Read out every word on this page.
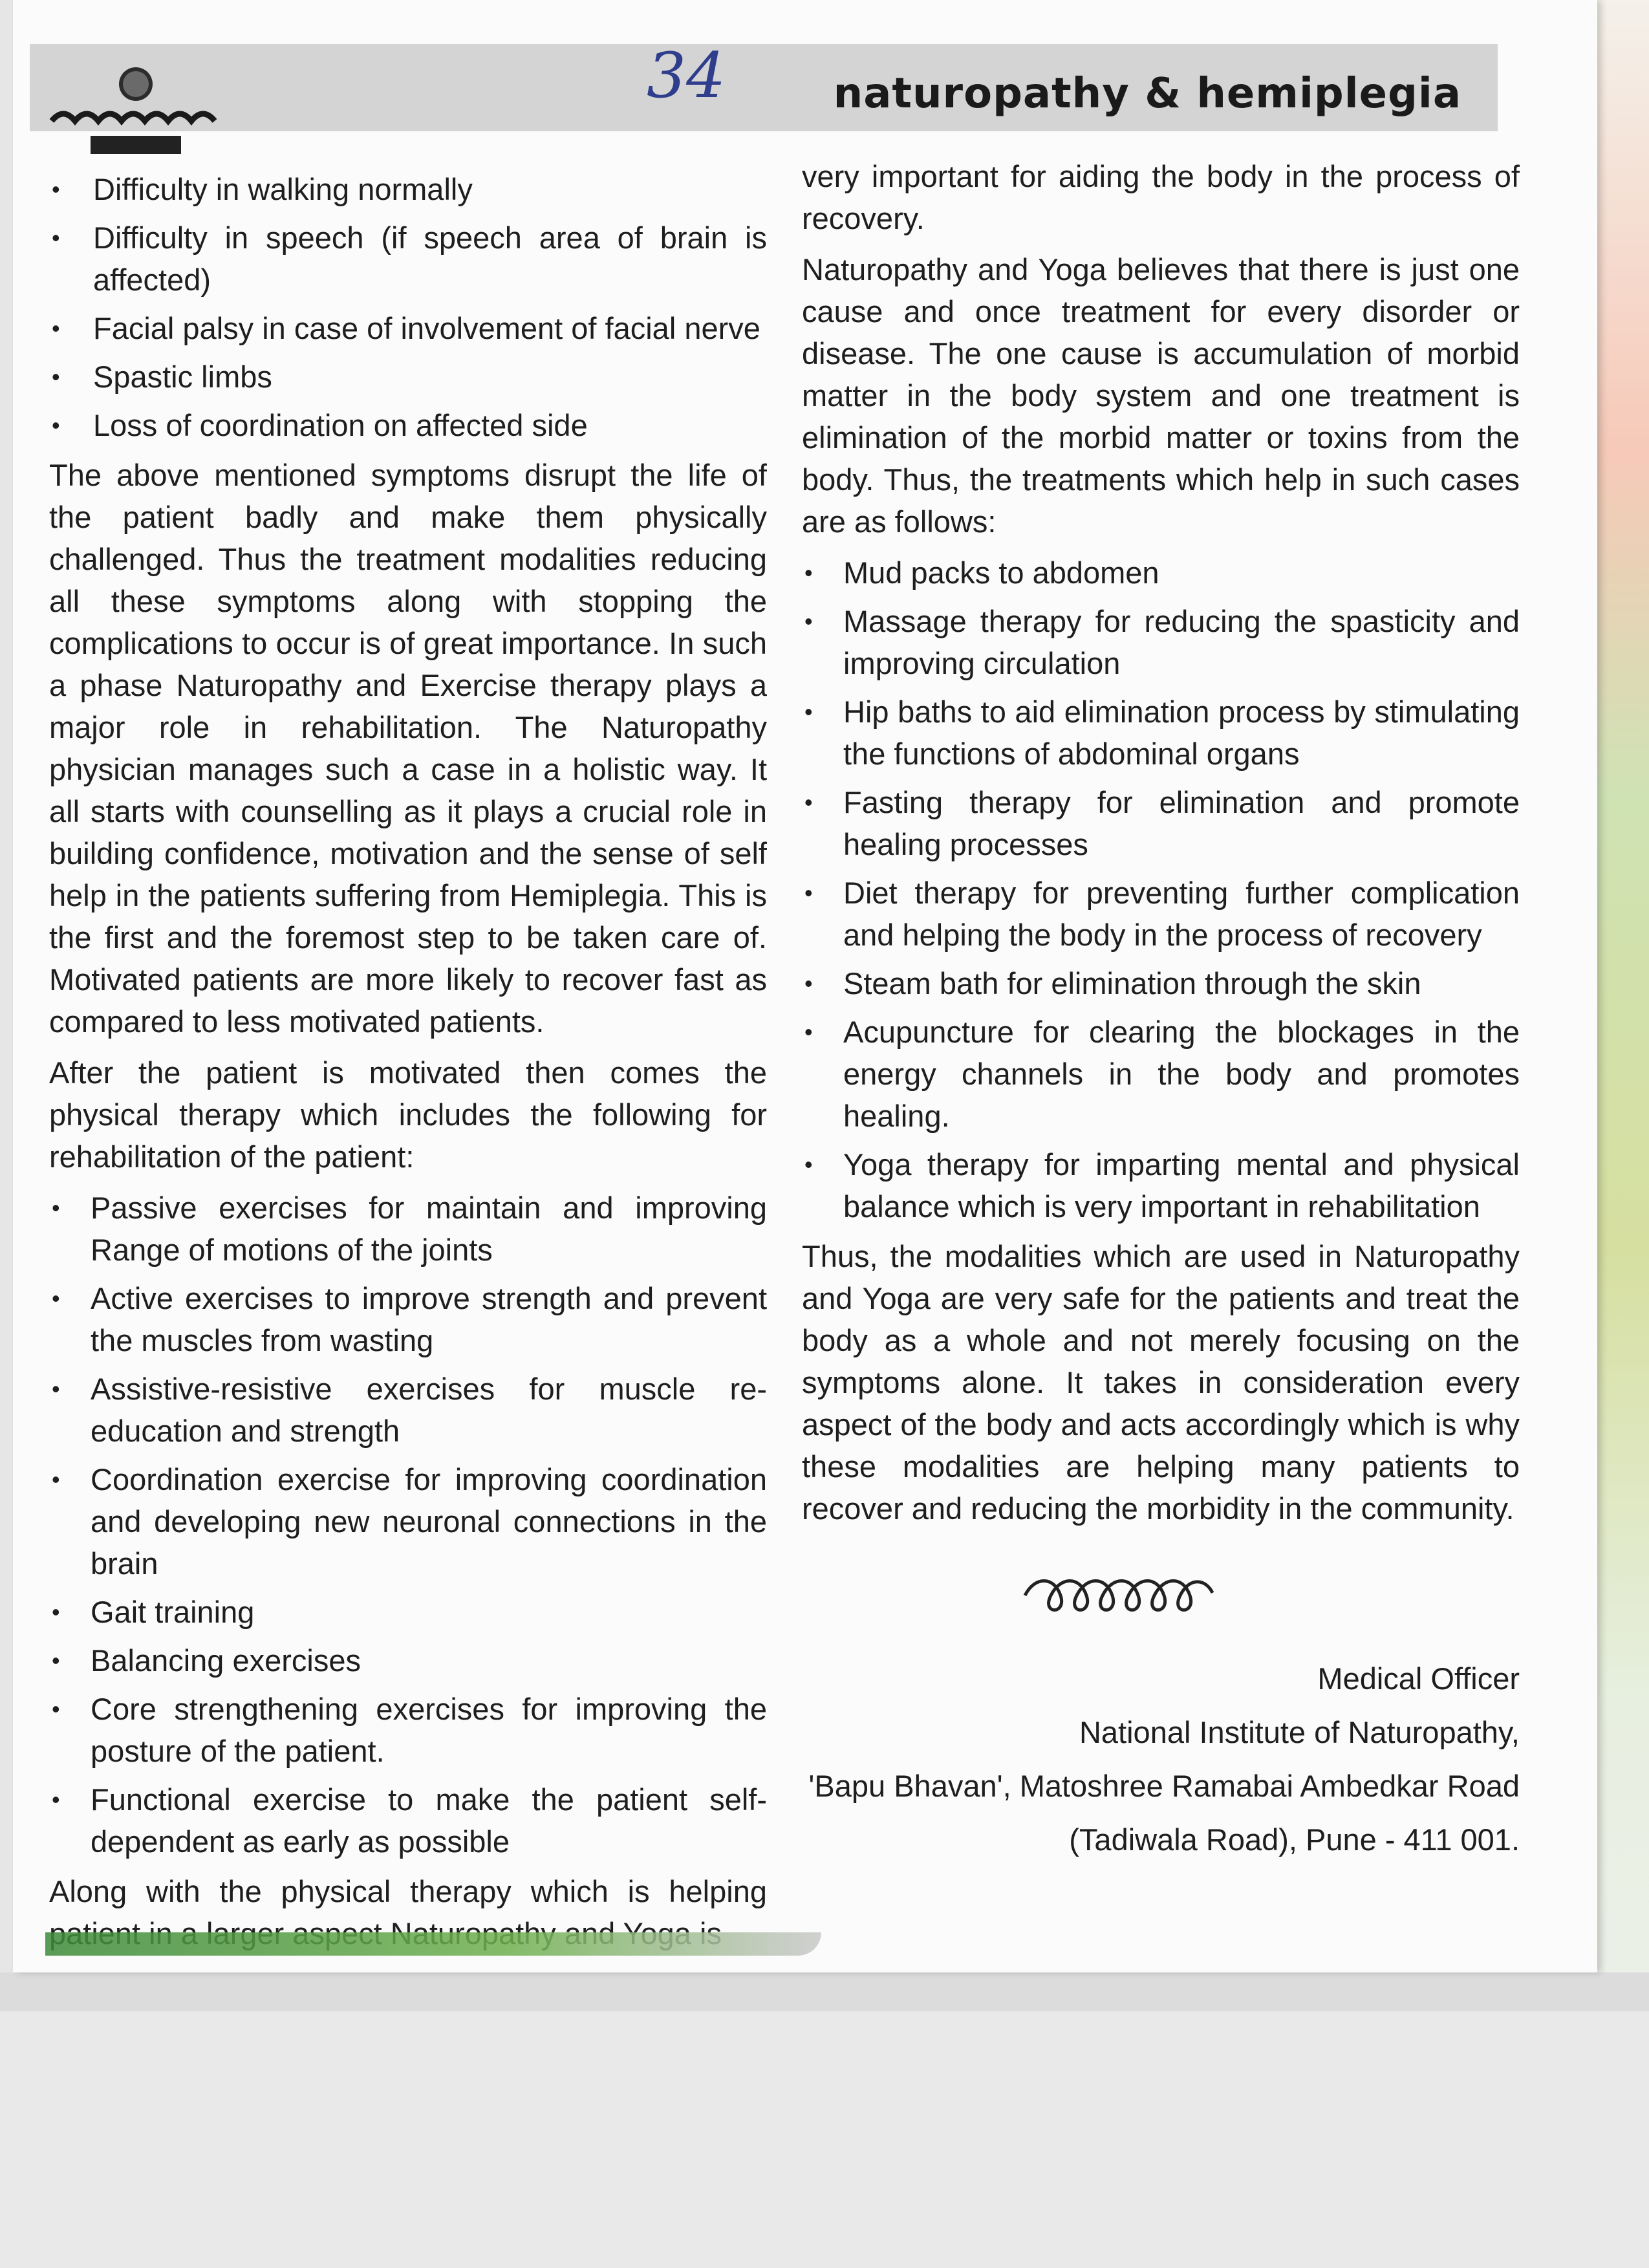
34	naturopathy & hemiplegia
• Difficulty in walking normally
• Difficulty in speech (if speech area of brain is affected)
• Facial palsy in case of involvement of facial nerve
• Spastic limbs
• Loss of coordination on affected side

The above mentioned symptoms disrupt the life of the patient badly and make them physically challenged. Thus the treatment modalities reducing all these symptoms along with stopping the complications to occur is of great importance. In such a phase Naturopathy and Exercise therapy plays a major role in rehabilitation. The Naturopathy physician manages such a case in a holistic way. It all starts with counselling as it plays a crucial role in building confidence, motivation and the sense of self help in the patients suffering from Hemiplegia. This is the first and the foremost step to be taken care of. Motivated patients are more likely to recover fast as compared to less motivated patients.

After the patient is motivated then comes the physical therapy which includes the following for rehabilitation of the patient:

• Passive exercises for maintain and improving Range of motions of the joints
• Active exercises to improve strength and prevent the muscles from wasting
• Assistive-resistive exercises for muscle re-education and strength
• Coordination exercise for improving coordination and developing new neuronal connections in the brain
• Gait training
• Balancing exercises
• Core strengthening exercises for improving the posture of the patient.
• Functional exercise to make the patient self-dependent as early as possible

Along with the physical therapy which is helping

very important for aiding the body in the process of recovery.

Naturopathy and Yoga believes that there is just one cause and once treatment for every disorder or disease. The one cause is accumulation of morbid matter in the body system and one treatment is elimination of the morbid matter or toxins from the body. Thus, the treatments which help in such cases are as follows:

• Mud packs to abdomen
• Massage therapy for reducing the spasticity and improving circulation
• Hip baths to aid elimination process by stimulating the functions of abdominal organs
• Fasting therapy for elimination and promote healing processes
• Diet therapy for preventing further complication and helping the body in the process of recovery
• Steam bath for elimination through the skin
• Acupuncture for clearing the blockages in the energy channels in the body and promotes healing.
• Yoga therapy for imparting mental and physical balance which is very important in rehabilitation

Thus, the modalities which are used in Naturopathy and Yoga are very safe for the patients and treat the body as a whole and not merely focusing on the symptoms alone. It takes in consideration every aspect of the body and acts accordingly which is why these modalities are helping many patients to recover and reducing the morbidity in the community.

Medical Officer

National Institute of Naturopathy,

'Bapu Bhavan', Matoshree Ramabai Ambedkar Road

(Tadiwala Road), Pune - 411 001.
